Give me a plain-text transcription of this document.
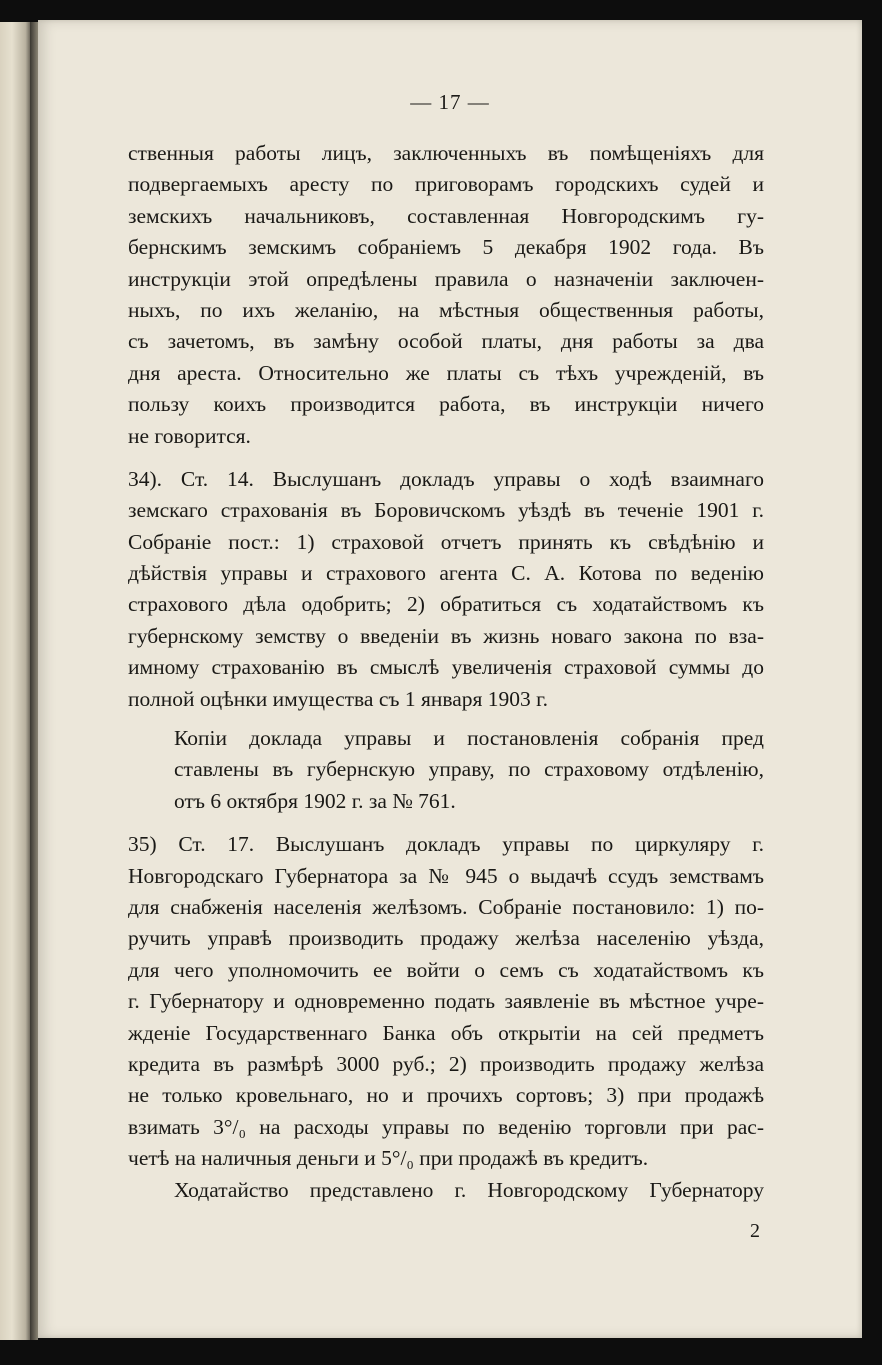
— 17 —
ственныя работы лицъ, заключенныхъ въ помѣщеніяхъ для
подвергаемыхъ аресту по приговорамъ городскихъ судей и
земскихъ начальниковъ, составленная Новгородскимъ гу-
бернскимъ земскимъ собраніемъ 5 декабря 1902 года. Въ
инструкціи этой опредѣлены правила о назначеніи заключен-
ныхъ, по ихъ желанію, на мѣстныя общественныя работы,
съ зачетомъ, въ замѣну особой платы, дня работы за два
дня ареста. Относительно же платы съ тѣхъ учрежденій, въ
пользу коихъ производится работа, въ инструкціи ничего
не говорится.
34). Ст. 14. Выслушанъ докладъ управы о ходѣ взаимнаго
земскаго страхованія въ Боровичскомъ уѣздѣ въ теченіе 1901 г.
Собраніе пост.: 1) страховой отчетъ принять къ свѣдѣнію и
дѣйствія управы и страхового агента С. А. Котова по веденію
страхового дѣла одобрить; 2) обратиться съ ходатайствомъ къ
губернскому земству о введеніи въ жизнь новаго закона по вза-
имному страхованію въ смыслѣ увеличенія страховой суммы до
полной оцѣнки имущества съ 1 января 1903 г.
Копіи доклада управы и постановленія собранія пред
ставлены въ губернскую управу, по страховому отдѣленію,
отъ 6 октября 1902 г. за № 761.
35) Ст. 17. Выслушанъ докладъ управы по циркуляру г.
Новгородскаго Губернатора за № 945 о выдачѣ ссудъ земствамъ
для снабженія населенія желѣзомъ. Собраніе постановило: 1) по-
ручить управѣ производить продажу желѣза населенію уѣзда,
для чего уполномочить ее войти о семъ съ ходатайствомъ къ
г. Губернатору и одновременно подать заявленіе въ мѣстное учре-
жденіе Государственнаго Банка объ открытіи на сей предметъ
кредита въ размѣрѣ 3000 руб.; 2) производить продажу желѣза
не только кровельнаго, но и прочихъ сортовъ; 3) при продажѣ
взимать 3°/₀ на расходы управы по веденію торговли при рас-
четѣ на наличныя деньги и 5°/₀ при продажѣ въ кредитъ.
Ходатайство представлено г. Новгородскому Губернатору
2
